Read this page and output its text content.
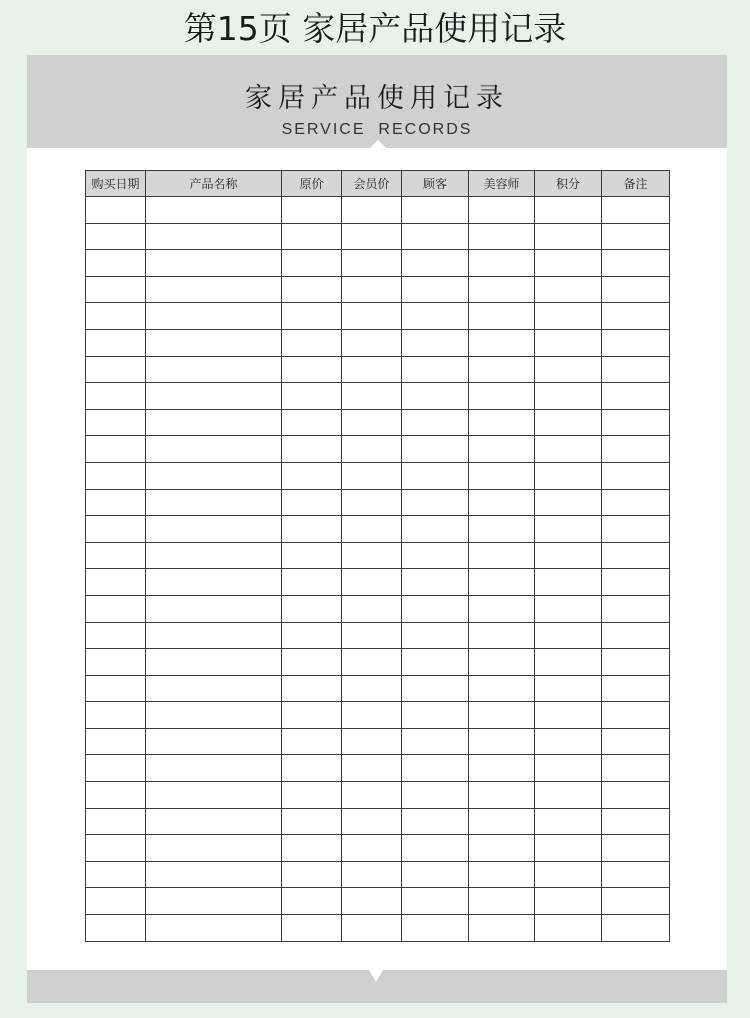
第15页 家居产品使用记录
家居产品使用记录
SERVICE  RECORDS
购买日期	产品名称	原价	会员价	顾客	美容师	积分	备注
